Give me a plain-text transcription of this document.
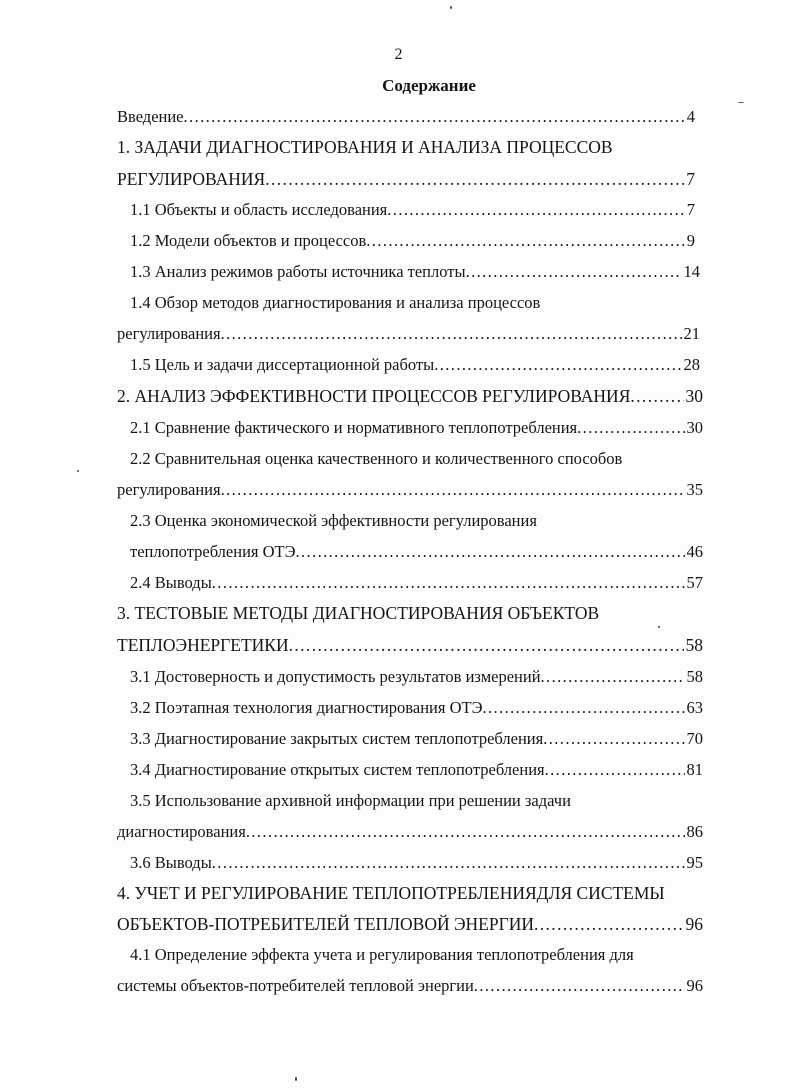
2
Содержание
Введение .....	4
1. ЗАДАЧИ ДИАГНОСТИРОВАНИЯ И АНАЛИЗА ПРОЦЕССОВ
РЕГУЛИРОВАНИЯ .....	7
1.1 Объекты и область исследования .....	7
1.2 Модели объектов и процессов .....	9
1.3 Анализ режимов работы источника теплоты .....	14
1.4 Обзор методов диагностирования и анализа процессов
регулирования .....	21
1.5 Цель и задачи диссертационной работы .....	28
2. АНАЛИЗ ЭФФЕКТИВНОСТИ ПРОЦЕССОВ РЕГУЛИРОВАНИЯ .....	30
2.1 Сравнение фактического и нормативного теплопотребления .....	30
2.2 Сравнительная оценка качественного и количественного способов
регулирования .....	35
2.3 Оценка экономической эффективности регулирования
теплопотребления ОТЭ .....	46
2.4 Выводы .....	57
3. ТЕСТОВЫЕ МЕТОДЫ ДИАГНОСТИРОВАНИЯ ОБЪЕКТОВ
ТЕПЛОЭНЕРГЕТИКИ .....	58
3.1 Достоверность и допустимость результатов измерений .....	58
3.2 Поэтапная технология диагностирования ОТЭ .....	63
3.3 Диагностирование закрытых систем теплопотребления .....	70
3.4 Диагностирование открытых систем теплопотребления .....	81
3.5 Использование архивной информации при решении задачи
диагностирования .....	86
3.6 Выводы .....	95
4. УЧЕТ И РЕГУЛИРОВАНИЕ ТЕПЛОПОТРЕБЛЕНИЯДЛЯ СИСТЕМЫ
ОБЪЕКТОВ-ПОТРЕБИТЕЛЕЙ ТЕПЛОВОЙ ЭНЕРГИИ .....	96
4.1 Определение эффекта учета и регулирования теплопотребления для
системы объектов-потребителей тепловой энергии .....	96
